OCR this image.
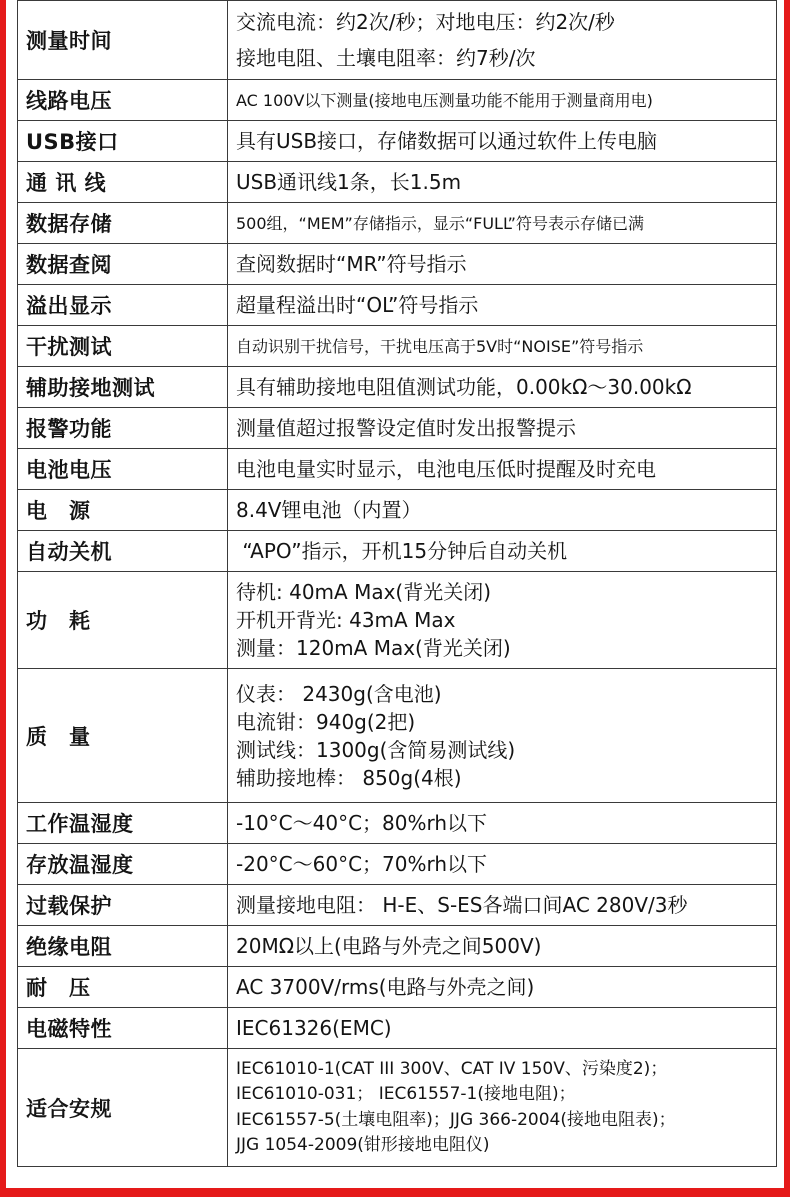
测量时间	交流电流：约2次/秒；对地电压：约2次/秒
接地电阻、土壤电阻率：约7秒/次

线路电压	AC 100V以下测量(接地电压测量功能不能用于测量商用电)
USB接口	具有USB接口，存储数据可以通过软件上传电脑
通 讯 线	USB通讯线1条，长1.5m
数据存储	500组，“MEM”存储指示，显示“FULL”符号表示存储已满
数据查阅	查阅数据时“MR”符号指示
溢出显示	超量程溢出时“OL”符号指示
干扰测试	自动识别干扰信号，干扰电压高于5V时“NOISE”符号指示
辅助接地测试	具有辅助接地电阻值测试功能，0.00kΩ～30.00kΩ
报警功能	测量值超过报警设定值时发出报警提示
电池电压	电池电量实时显示，电池电压低时提醒及时充电
电　源	8.4V锂电池（内置）
自动关机	“APO”指示，开机15分钟后自动关机
功　耗	待机: 40mA Max(背光关闭)
开机开背光: 43mA Max
测量：120mA Max(背光关闭)

质　量	仪表： 2430g(含电池)
电流钳：940g(2把)
测试线：1300g(含简易测试线)
辅助接地棒： 850g(4根)

工作温湿度	-10°C～40°C；80%rh以下
存放温湿度	-20°C～60°C；70%rh以下
过载保护	测量接地电阻： H-E、S-ES各端口间AC 280V/3秒
绝缘电阻	20MΩ以上(电路与外壳之间500V)
耐　压	AC 3700V/rms(电路与外壳之间)
电磁特性	IEC61326(EMC)
适合安规	IEC61010-1(CAT III 300V、CAT IV 150V、污染度2)；
IEC61010-031； IEC61557-1(接地电阻)；
IEC61557-5(土壤电阻率)；JJG 366-2004(接地电阻表)；
JJG 1054-2009(钳形接地电阻仪)
